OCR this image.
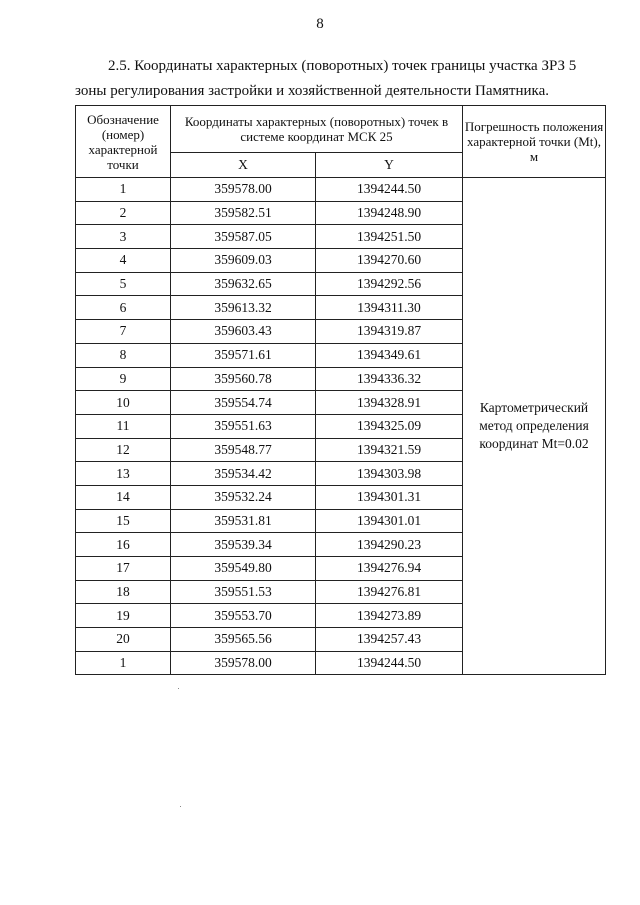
8
2.5. Координаты характерных (поворотных) точек границы участка ЗРЗ 5
зоны регулирования застройки и хозяйственной деятельности Памятника.
Обозначение (номер) характерной точки	Координаты характерных (поворотных) точек в системе координат МСК 25		Погрешность положения характерной точки (Mt), м
	X	Y	
1	359578.00	1394244.50	Картометрический метод определения координат Mt=0.02
2	359582.51	1394248.90	
3	359587.05	1394251.50	
4	359609.03	1394270.60	
5	359632.65	1394292.56	
6	359613.32	1394311.30	
7	359603.43	1394319.87	
8	359571.61	1394349.61	
9	359560.78	1394336.32	
10	359554.74	1394328.91	
11	359551.63	1394325.09	
12	359548.77	1394321.59	
13	359534.42	1394303.98	
14	359532.24	1394301.31	
15	359531.81	1394301.01	
16	359539.34	1394290.23	
17	359549.80	1394276.94	
18	359551.53	1394276.81	
19	359553.70	1394273.89	
20	359565.56	1394257.43	
1	359578.00	1394244.50	
